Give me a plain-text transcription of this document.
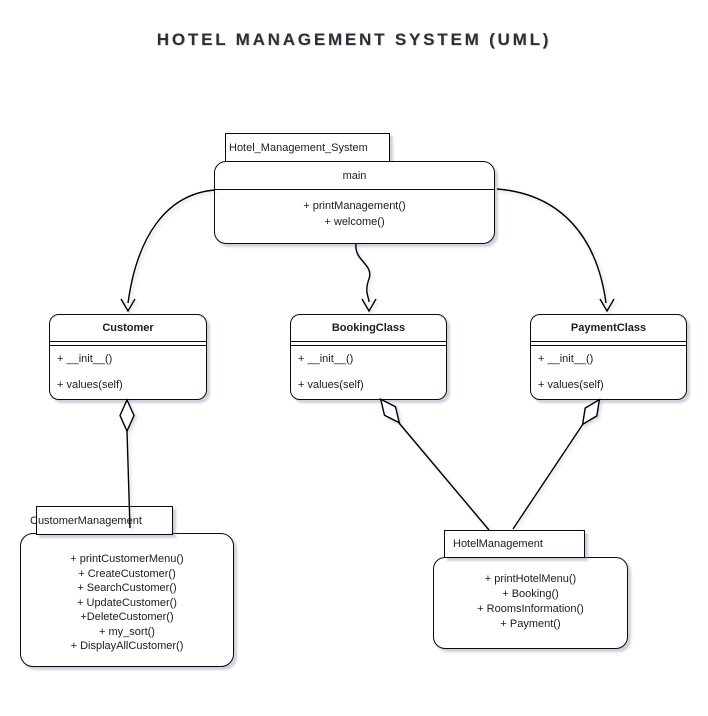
HOTEL MANAGEMENT SYSTEM (UML)
Hotel_Management_System
main
+ printManagement()
+ welcome()
Customer
+ __init__()
+ values(self)
BookingClass
+ __init__()
+ values(self)
PaymentClass
+ __init__()
+ values(self)
CustomerManagement
+ printCustomerMenu()
+ CreateCustomer()
+ SearchCustomer()
+ UpdateCustomer()
+DeleteCustomer()
+ my_sort()
+ DisplayAllCustomer()
HotelManagement
+ printHotelMenu()
+ Booking()
+ RoomsInformation()
+ Payment()
